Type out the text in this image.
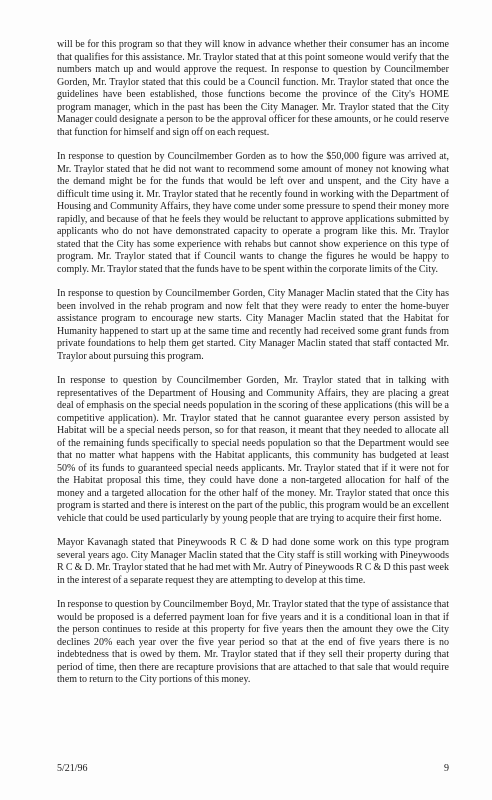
will be for this program so that they will know in advance whether their consumer has an income that qualifies for this assistance. Mr. Traylor stated that at this point someone would verify that the numbers match up and would approve the request. In response to question by Councilmember Gorden, Mr. Traylor stated that this could be a Council function. Mr. Traylor stated that once the guidelines have been established, those functions become the province of the City's HOME program manager, which in the past has been the City Manager. Mr. Traylor stated that the City Manager could designate a person to be the approval officer for these amounts, or he could reserve that function for himself and sign off on each request.

In response to question by Councilmember Gorden as to how the $50,000 figure was arrived at, Mr. Traylor stated that he did not want to recommend some amount of money not knowing what the demand might be for the funds that would be left over and unspent, and the City have a difficult time using it. Mr. Traylor stated that he recently found in working with the Department of Housing and Community Affairs, they have come under some pressure to spend their money more rapidly, and because of that he feels they would be reluctant to approve applications submitted by applicants who do not have demonstrated capacity to operate a program like this. Mr. Traylor stated that the City has some experience with rehabs but cannot show experience on this type of program. Mr. Traylor stated that if Council wants to change the figures he would be happy to comply. Mr. Traylor stated that the funds have to be spent within the corporate limits of the City.

In response to question by Councilmember Gorden, City Manager Maclin stated that the City has been involved in the rehab program and now felt that they were ready to enter the home-buyer assistance program to encourage new starts. City Manager Maclin stated that the Habitat for Humanity happened to start up at the same time and recently had received some grant funds from private foundations to help them get started. City Manager Maclin stated that staff contacted Mr. Traylor about pursuing this program.

In response to question by Councilmember Gorden, Mr. Traylor stated that in talking with representatives of the Department of Housing and Community Affairs, they are placing a great deal of emphasis on the special needs population in the scoring of these applications (this will be a competitive application). Mr. Traylor stated that he cannot guarantee every person assisted by Habitat will be a special needs person, so for that reason, it meant that they needed to allocate all of the remaining funds specifically to special needs population so that the Department would see that no matter what happens with the Habitat applicants, this community has budgeted at least 50% of its funds to guaranteed special needs applicants. Mr. Traylor stated that if it were not for the Habitat proposal this time, they could have done a non-targeted allocation for half of the money and a targeted allocation for the other half of the money. Mr. Traylor stated that once this program is started and there is interest on the part of the public, this program would be an excellent vehicle that could be used particularly by young people that are trying to acquire their first home.

Mayor Kavanagh stated that Pineywoods R C & D had done some work on this type program several years ago. City Manager Maclin stated that the City staff is still working with Pineywoods R C & D. Mr. Traylor stated that he had met with Mr. Autry of Pineywoods R C & D this past week in the interest of a separate request they are attempting to develop at this time.

In response to question by Councilmember Boyd, Mr. Traylor stated that the type of assistance that would be proposed is a deferred payment loan for five years and it is a conditional loan in that if the person continues to reside at this property for five years then the amount they owe the City declines 20% each year over the five year period so that at the end of five years there is no indebtedness that is owed by them. Mr. Traylor stated that if they sell their property during that period of time, then there are recapture provisions that are attached to that sale that would require them to return to the City portions of this money.

5/21/96	9
